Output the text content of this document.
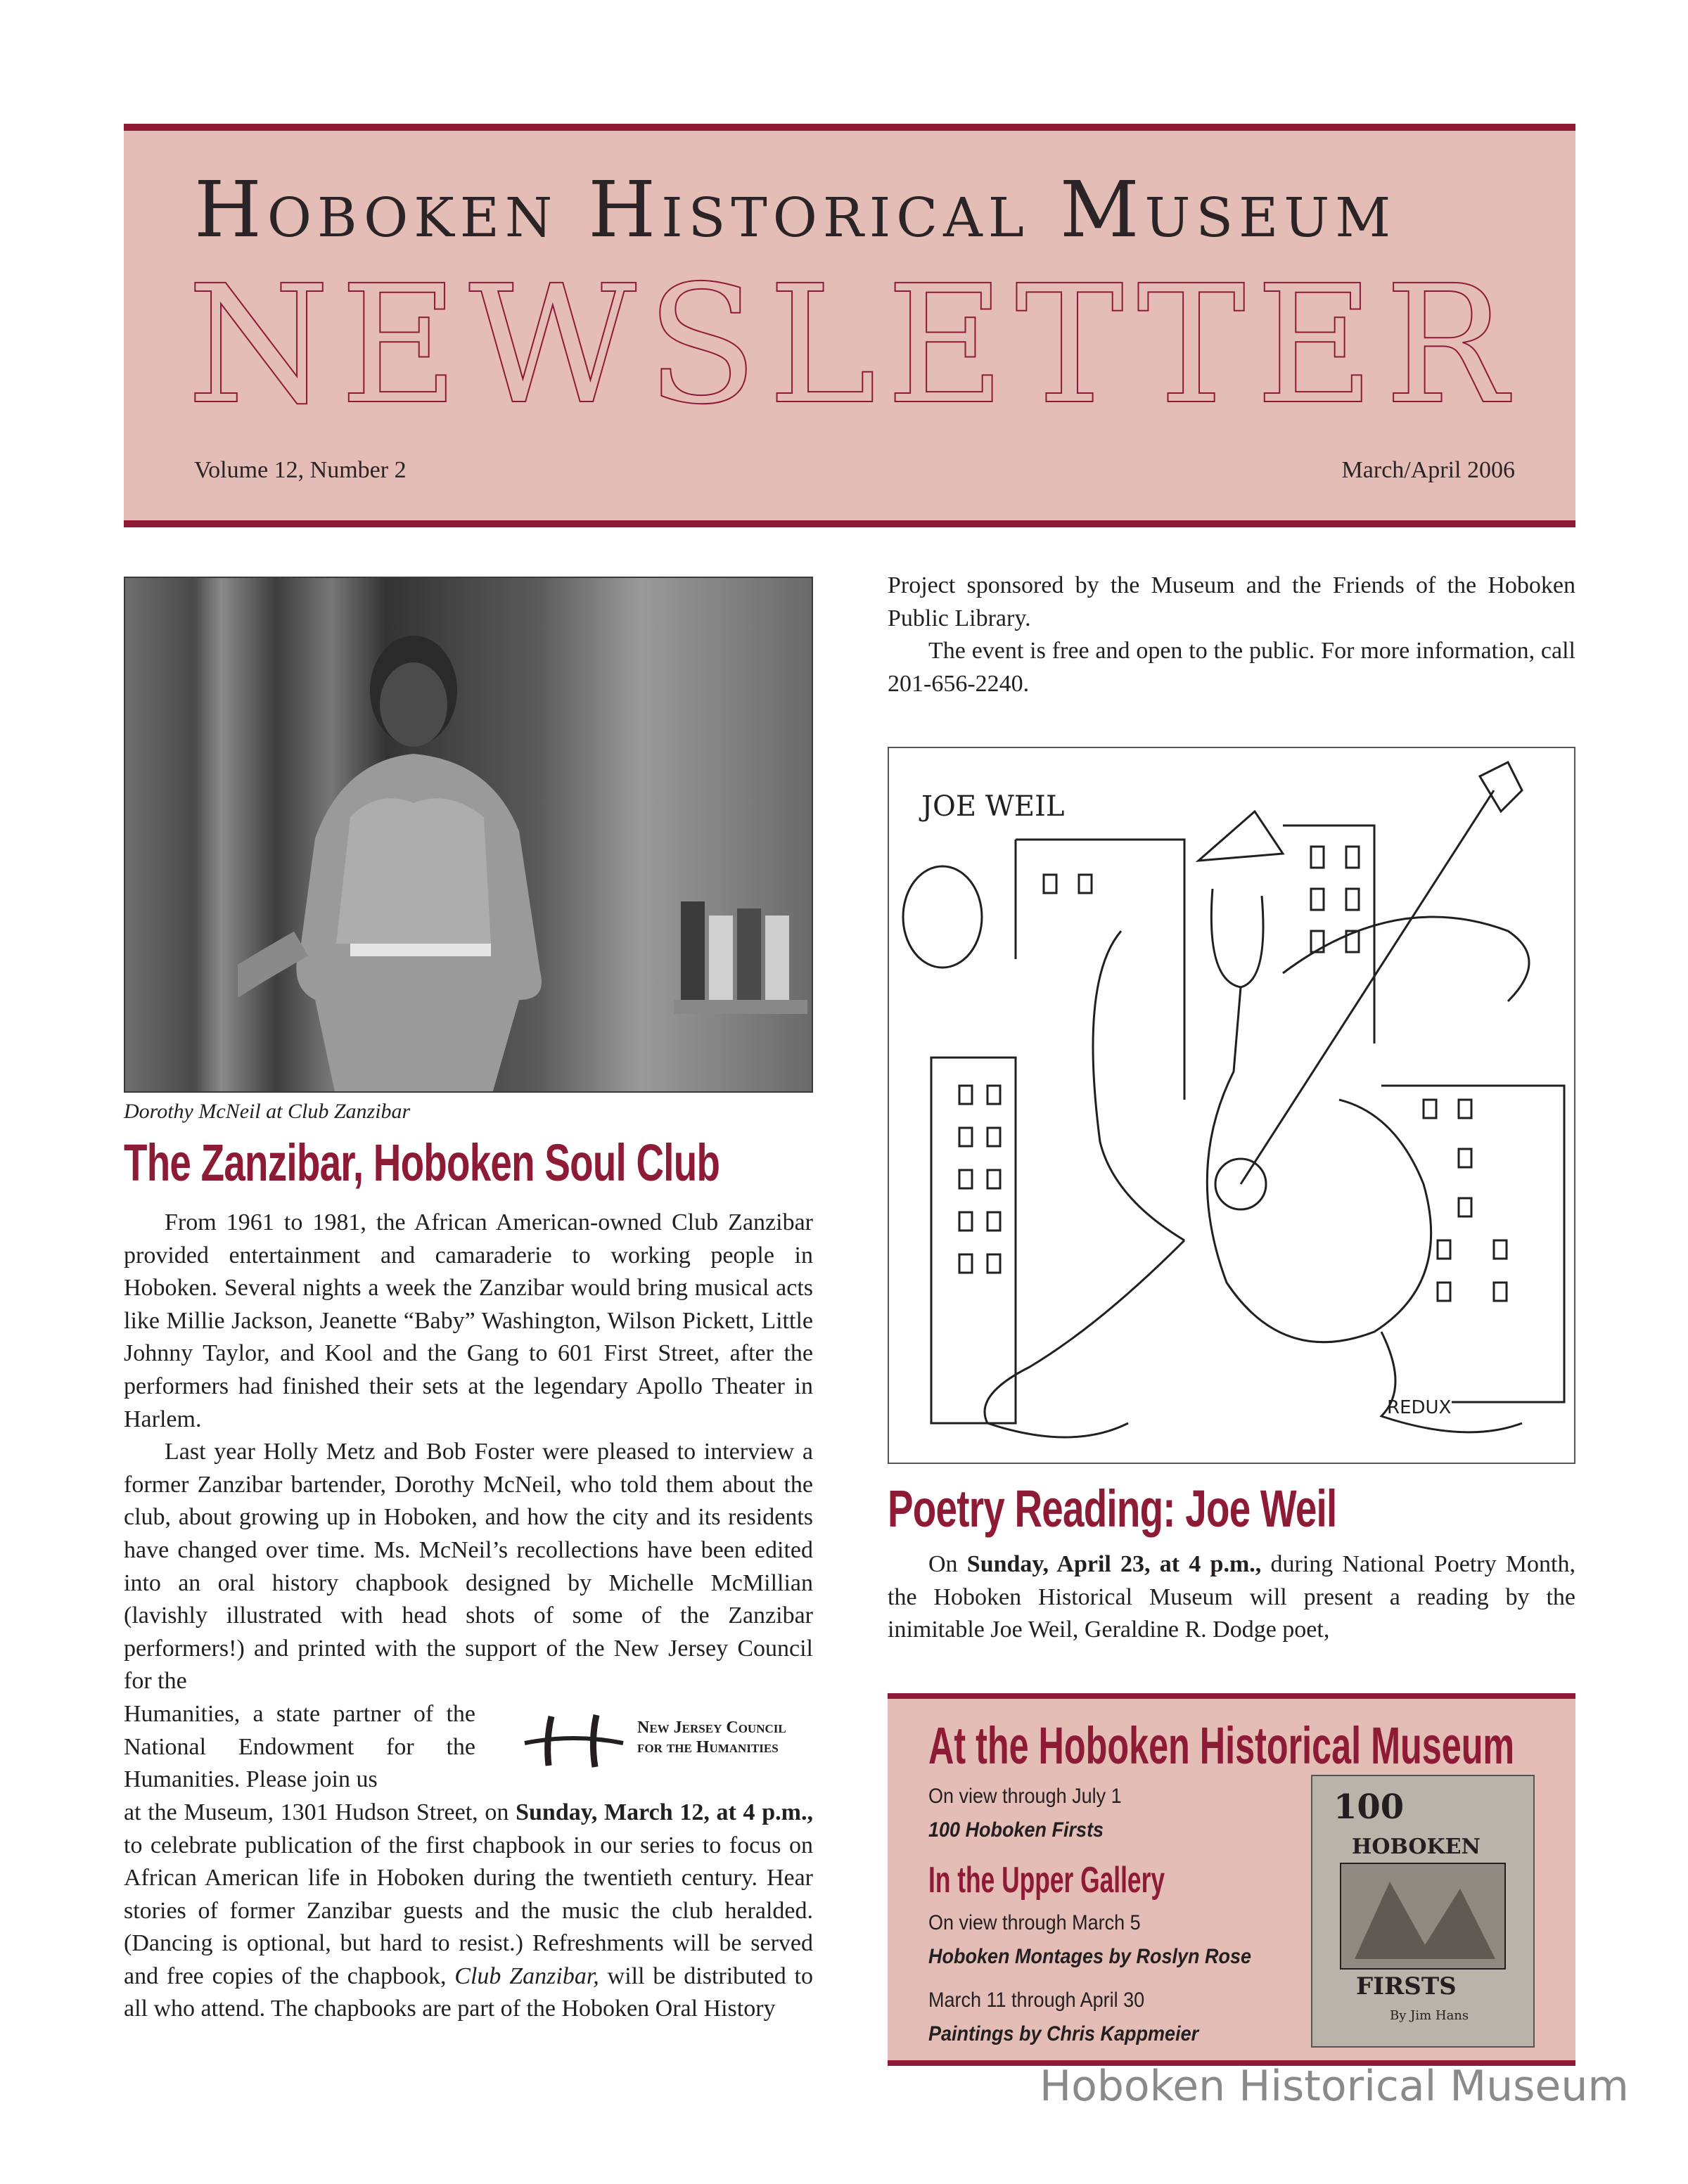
Hoboken Historical Museum
NEWSLETTER
Volume 12, Number 2	March/April 2006
Dorothy McNeil at Club Zanzibar
The Zanzibar, Hoboken Soul Club

From 1961 to 1981, the African American-owned Club Zanzibar provided entertainment and camaraderie to working people in Hoboken. Several nights a week the Zanzibar would bring musical acts like Millie Jackson, Jeanette “Baby” Washington, Wilson Pickett, Little Johnny Taylor, and Kool and the Gang to 601 First Street, after the performers had finished their sets at the legendary Apollo Theater in Harlem.

Last year Holly Metz and Bob Foster were pleased to interview a former Zanzibar bartender, Dorothy McNeil, who told them about the club, about growing up in Hoboken, and how the city and its residents have changed over time. Ms. McNeil’s recollections have been edited into an oral history chapbook designed by Michelle McMillian (lavishly illustrated with head shots of some of the Zanzibar performers!) and printed with the support of the New Jersey Council for the

Humanities, a state partner of the National Endowment for the Humanities. Please join us
New Jersey Council
for the Humanities

at the Museum, 1301 Hudson Street, on Sunday, March 12, at 4 p.m., to celebrate publication of the first chapbook in our series to focus on African American life in Hoboken during the twentieth century. Hear stories of former Zanzibar guests and the music the club heralded. (Dancing is optional, but hard to resist.) Refreshments will be served and free copies of the chapbook, Club Zanzibar, will be distributed to all who attend. The chapbooks are part of the Hoboken Oral History

Project sponsored by the Museum and the Friends of the Hoboken Public Library.

The event is free and open to the public. For more information, call 201-656-2240.

JOE WEIL
REDUX
Poetry Reading: Joe Weil

On Sunday, April 23, at 4 p.m., during National Poetry Month, the Hoboken Historical Museum will present a reading by the inimitable Joe Weil, Geraldine R. Dodge poet,

At the Hoboken Historical Museum
On view through July 1
100 Hoboken Firsts
In the Upper Gallery
On view through March 5
Hoboken Montages by Roslyn Rose
March 11 through April 30
Paintings by Chris Kappmeier
100
HOBOKEN
FIRSTS
By Jim Hans
Hoboken Historical Museum
